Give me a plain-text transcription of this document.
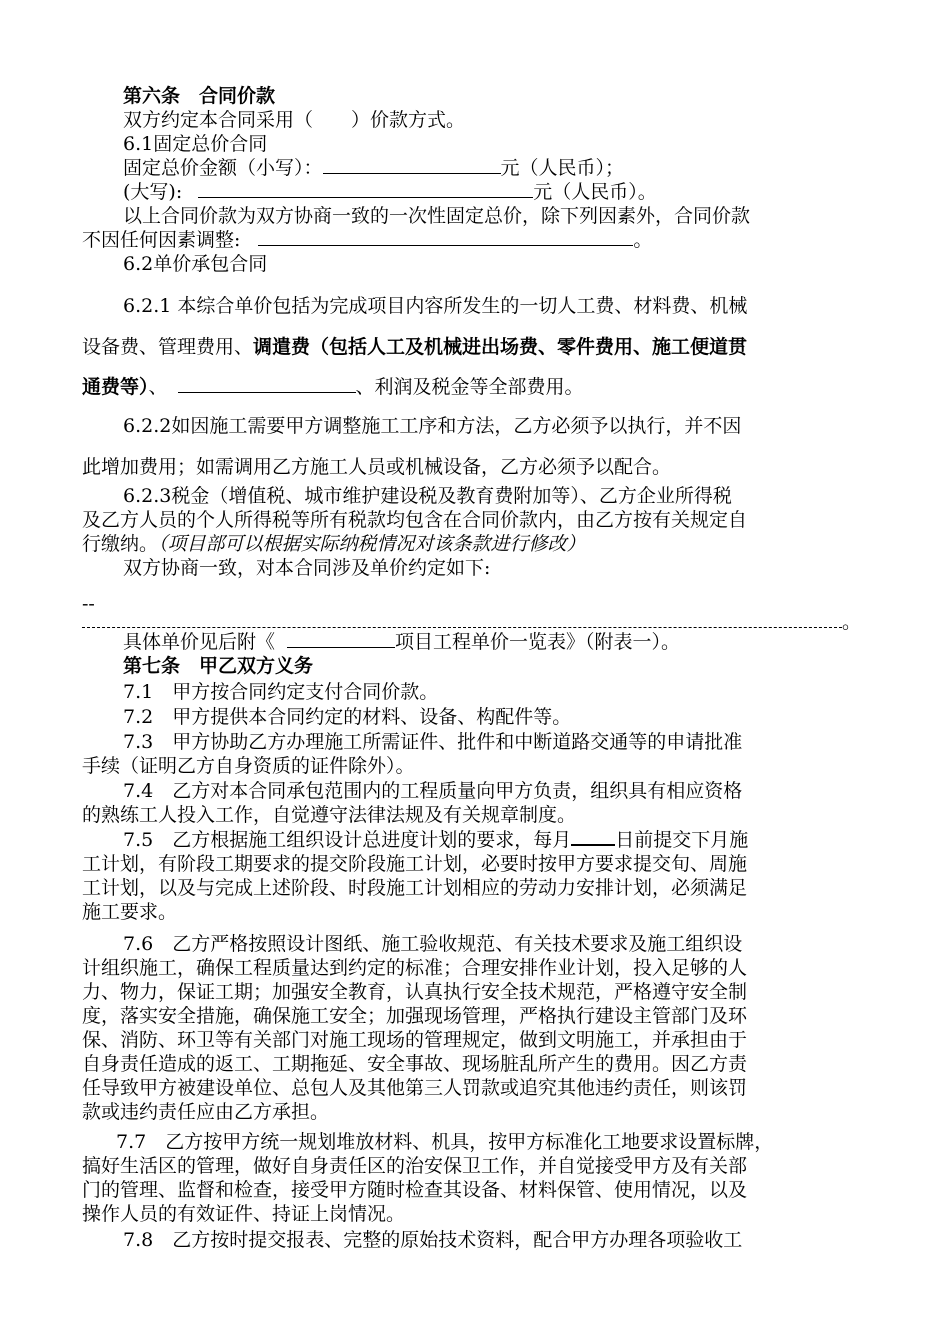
第六条　合同价款
双方约定本合同采用（　　）价款方式。
6.1固定总价合同
固定总价金额（小写）：	元（人民币）；
(大写):	元（人民币）。
以上合同价款为双方协商一致的一次性固定总价，除下列因素外，合同价款
不因任何因素调整:	。
6.2单价承包合同
6.2.1 本综合单价包括为完成项目内容所发生的一切人工费、材料费、机械
设备费、管理费用、调遣费（包括人工及机械进出场费、零件费用、施工便道贯
通费等）、	、利润及税金等全部费用。
6.2.2如因施工需要甲方调整施工工序和方法，乙方必须予以执行，并不因
此增加费用；如需调用乙方施工人员或机械设备，乙方必须予以配合。
6.2.3税金（增值税、城市维护建设税及教育费附加等）、乙方企业所得税
及乙方人员的个人所得税等所有税款均包含在合同价款内，由乙方按有关规定自
行缴纳。（项目部可以根据实际纳税情况对该条款进行修改）
双方协商一致，对本合同涉及单价约定如下:
--
。
具体单价见后附《	项目工程单价一览表》（附表一）。
第七条　甲乙双方义务
7.1　甲方按合同约定支付合同价款。
7.2　甲方提供本合同约定的材料、设备、构配件等。
7.3　甲方协助乙方办理施工所需证件、批件和中断道路交通等的申请批准
手续（证明乙方自身资质的证件除外）。
7.4　乙方对本合同承包范围内的工程质量向甲方负责，组织具有相应资格
的熟练工人投入工作，自觉遵守法律法规及有关规章制度。
7.5　乙方根据施工组织设计总进度计划的要求，每月 日前提交下月施
工计划，有阶段工期要求的提交阶段施工计划，必要时按甲方要求提交旬、周施
工计划，以及与完成上述阶段、时段施工计划相应的劳动力安排计划，必须满足
施工要求。
7.6　乙方严格按照设计图纸、施工验收规范、有关技术要求及施工组织设
计组织施工，确保工程质量达到约定的标准；合理安排作业计划，投入足够的人
力、物力，保证工期；加强安全教育，认真执行安全技术规范，严格遵守安全制
度，落实安全措施，确保施工安全；加强现场管理，严格执行建设主管部门及环
保、消防、环卫等有关部门对施工现场的管理规定，做到文明施工，并承担由于
自身责任造成的返工、工期拖延、安全事故、现场脏乱所产生的费用。因乙方责
任导致甲方被建设单位、总包人及其他第三人罚款或追究其他违约责任，则该罚
款或违约责任应由乙方承担。
7.7　乙方按甲方统一规划堆放材料、机具，按甲方标准化工地要求设置标牌，
搞好生活区的管理，做好自身责任区的治安保卫工作，并自觉接受甲方及有关部
门的管理、监督和检查，接受甲方随时检查其设备、材料保管、使用情况，以及
操作人员的有效证件、持证上岗情况。
7.8　乙方按时提交报表、完整的原始技术资料，配合甲方办理各项验收工
